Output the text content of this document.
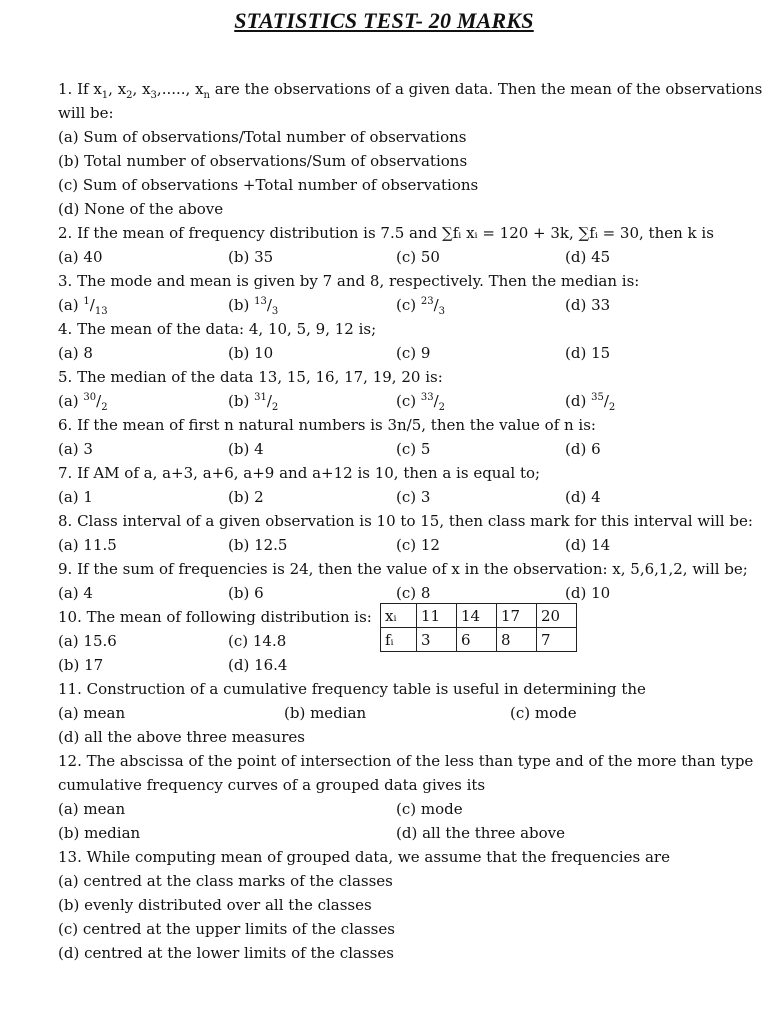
STATISTICS TEST- 20 MARKS
1. If $x_1$, $x_2$, $x_3$,....., $x_n$ are the observations of a given data. Then the mean of the observations
will be:
(a) Sum of observations/Total number of observations
(b) Total number of observations/Sum of observations
(c) Sum of observations +Total number of observations
(d) None of the above
2. If the mean of frequency distribution is 7.5 and ∑fᵢ xᵢ = 120 + 3k, ∑fᵢ = 30, then k is
(a) 40	(b) 35	(c) 50	(d) 45
3. The mode and mean is given by 7 and 8, respectively. Then the median is:
(a) $^1/_{13}$	(b) $^{13}/_3$	(c) $^{23}/_3$	(d) 33
4. The mean of the data: 4, 10, 5, 9, 12 is;
(a) 8	(b) 10	(c) 9	(d) 15
5. The median of the data 13, 15, 16, 17, 19, 20 is:
(a) $^{30}/_2$	(b) $^{31}/_2$	(c) $^{33}/_2$	(d) $^{35}/_2$
6. If the mean of first n natural numbers is 3n/5, then the value of n is:
(a) 3	(b) 4	(c) 5	(d) 6
7. If AM of a, a+3, a+6, a+9 and a+12 is 10, then a is equal to;
(a) 1	(b) 2	(c) 3	(d) 4
8. Class interval of a given observation is 10 to 15, then class mark for this interval will be:
(a) 11.5	(b) 12.5	(c) 12	(d) 14
9. If the sum of frequencies is 24, then the value of x in the observation: x, 5,6,1,2, will be;
(a) 4	(b) 6	(c) 8	(d) 10
10. The mean of following distribution is:
(a) 15.6	(c) 14.8
(b) 17	(d) 16.4
11. Construction of a cumulative frequency table is useful in determining the
(a) mean	(b) median	(c) mode
(d) all the above three measures
12. The abscissa of the point of intersection of the less than type and of the more than type
cumulative frequency curves of a grouped data gives its
(a) mean	(c) mode
(b) median	(d) all the three above
13. While computing mean of grouped data, we assume that the frequencies are
(a) centred at the class marks of the classes
(b) evenly distributed over all the classes
(c) centred at the upper limits of the classes
(d) centred at the lower limits of the classes
xᵢ	11	14	17	20
fᵢ	3	6	8	7
